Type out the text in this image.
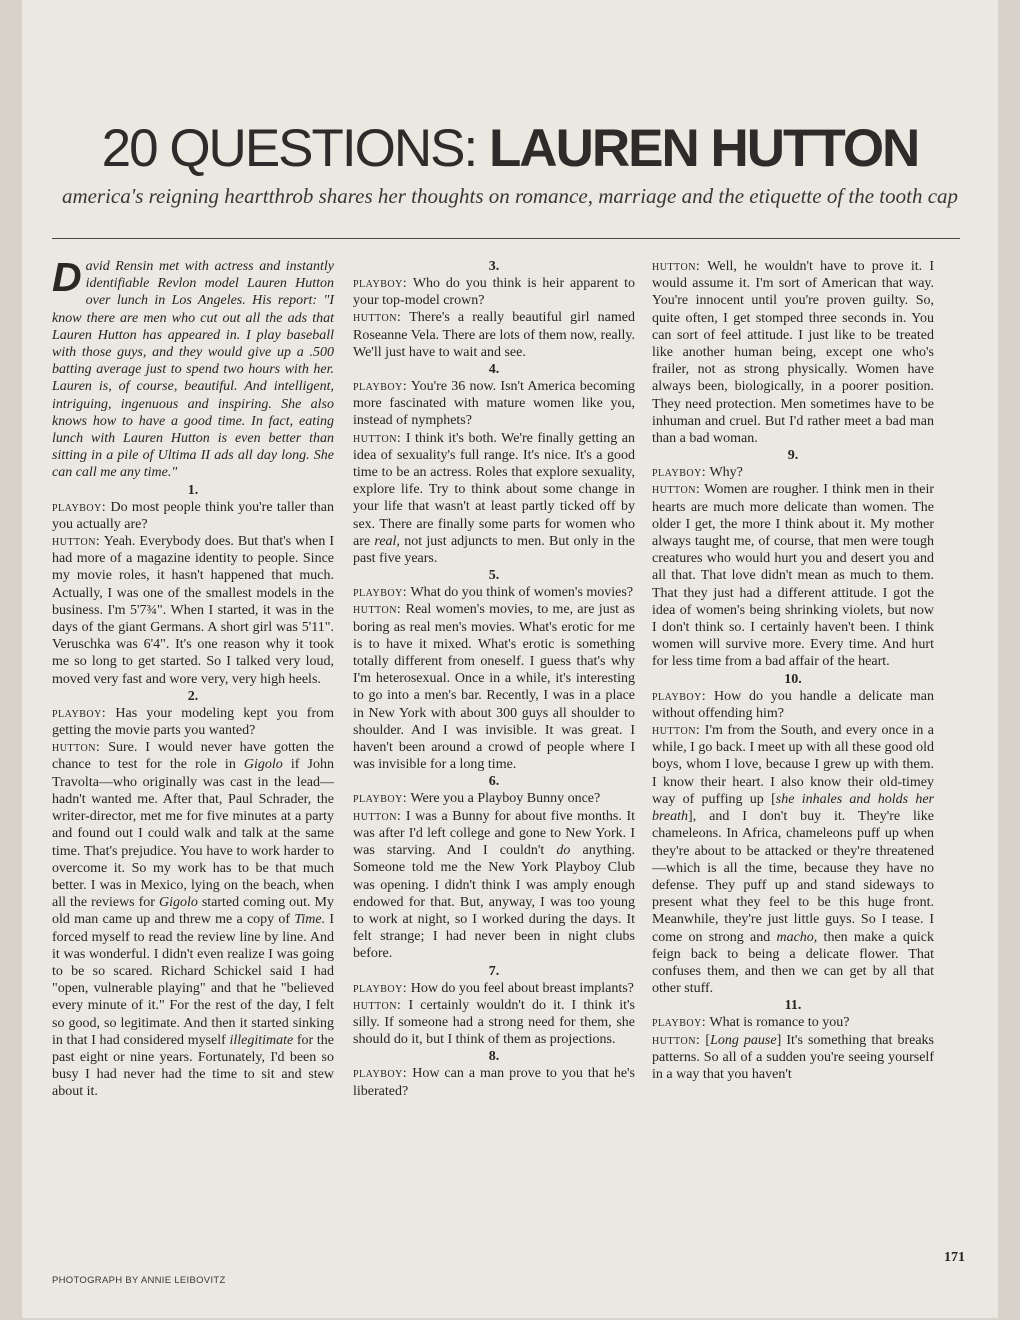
20 QUESTIONS: LAUREN HUTTON
america's reigning heartthrob shares her thoughts on romance, marriage and the etiquette of the tooth cap

David Rensin met with actress and instantly identifiable Revlon model Lauren Hutton over lunch in Los Angeles. His report: "I know there are men who cut out all the ads that Lauren Hutton has appeared in. I play baseball with those guys, and they would give up a .500 batting average just to spend two hours with her. Lauren is, of course, beautiful. And intelligent, intriguing, ingenuous and inspiring. She also knows how to have a good time. In fact, eating lunch with Lauren Hutton is even better than sitting in a pile of Ultima II ads all day long. She can call me any time."

1.

playboy: Do most people think you're taller than you actually are?

hutton: Yeah. Everybody does. But that's when I had more of a magazine identity to people. Since my movie roles, it hasn't happened that much. Actually, I was one of the smallest models in the business. I'm 5'7¾". When I started, it was in the days of the giant Germans. A short girl was 5'11". Veruschka was 6'4". It's one reason why it took me so long to get started. So I talked very loud, moved very fast and wore very, very high heels.

2.

playboy: Has your modeling kept you from getting the movie parts you wanted?

hutton: Sure. I would never have gotten the chance to test for the role in Gigolo if John Travolta—who originally was cast in the lead—hadn't wanted me. After that, Paul Schrader, the writer-director, met me for five minutes at a party and found out I could walk and talk at the same time. That's prejudice. You have to work harder to overcome it. So my work has to be that much better. I was in Mexico, lying on the beach, when all the reviews for Gigolo started coming out. My old man came up and threw me a copy of Time. I forced myself to read the review line by line. And it was wonderful. I didn't even realize I was going to be so scared. Richard Schickel said I had "open, vulnerable playing" and that he "believed every minute of it." For the rest of the day, I felt so good, so legitimate. And then it started sinking in that I had considered myself illegitimate for the past eight or nine years. Fortunately, I'd been so busy I had never had the time to sit and stew about it.

3.

playboy: Who do you think is heir apparent to your top-model crown?

hutton: There's a really beautiful girl named Roseanne Vela. There are lots of them now, really. We'll just have to wait and see.

4.

playboy: You're 36 now. Isn't America becoming more fascinated with mature women like you, instead of nymphets?

hutton: I think it's both. We're finally getting an idea of sexuality's full range. It's nice. It's a good time to be an actress. Roles that explore sexuality, explore life. Try to think about some change in your life that wasn't at least partly ticked off by sex. There are finally some parts for women who are real, not just adjuncts to men. But only in the past five years.

5.

playboy: What do you think of women's movies?

hutton: Real women's movies, to me, are just as boring as real men's movies. What's erotic for me is to have it mixed. What's erotic is something totally different from oneself. I guess that's why I'm heterosexual. Once in a while, it's interesting to go into a men's bar. Recently, I was in a place in New York with about 300 guys all shoulder to shoulder. And I was invisible. It was great. I haven't been around a crowd of people where I was invisible for a long time.

6.

playboy: Were you a Playboy Bunny once?

hutton: I was a Bunny for about five months. It was after I'd left college and gone to New York. I was starving. And I couldn't do anything. Someone told me the New York Playboy Club was opening. I didn't think I was amply enough endowed for that. But, anyway, I was too young to work at night, so I worked during the days. It felt strange; I had never been in night clubs before.

7.

playboy: How do you feel about breast implants?

hutton: I certainly wouldn't do it. I think it's silly. If someone had a strong need for them, she should do it, but I think of them as projections.

8.

playboy: How can a man prove to you that he's liberated?

hutton: Well, he wouldn't have to prove it. I would assume it. I'm sort of American that way. You're innocent until you're proven guilty. So, quite often, I get stomped three seconds in. You can sort of feel attitude. I just like to be treated like another human being, except one who's frailer, not as strong physically. Women have always been, biologically, in a poorer position. They need protection. Men sometimes have to be inhuman and cruel. But I'd rather meet a bad man than a bad woman.

9.

playboy: Why?

hutton: Women are rougher. I think men in their hearts are much more delicate than women. The older I get, the more I think about it. My mother always taught me, of course, that men were tough creatures who would hurt you and desert you and all that. That love didn't mean as much to them. That they just had a different attitude. I got the idea of women's being shrinking violets, but now I don't think so. I certainly haven't been. I think women will survive more. Every time. And hurt for less time from a bad affair of the heart.

10.

playboy: How do you handle a delicate man without offending him?

hutton: I'm from the South, and every once in a while, I go back. I meet up with all these good old boys, whom I love, because I grew up with them. I know their heart. I also know their old-timey way of puffing up [she inhales and holds her breath], and I don't buy it. They're like chameleons. In Africa, chameleons puff up when they're about to be attacked or they're threatened—which is all the time, because they have no defense. They puff up and stand sideways to present what they feel to be this huge front. Meanwhile, they're just little guys. So I tease. I come on strong and macho, then make a quick feign back to being a delicate flower. That confuses them, and then we can get by all that other stuff.

11.

playboy: What is romance to you?

hutton: [Long pause] It's something that breaks patterns. So all of a sudden you're seeing yourself in a way that you haven't

PHOTOGRAPH BY ANNIE LEIBOVITZ
171
